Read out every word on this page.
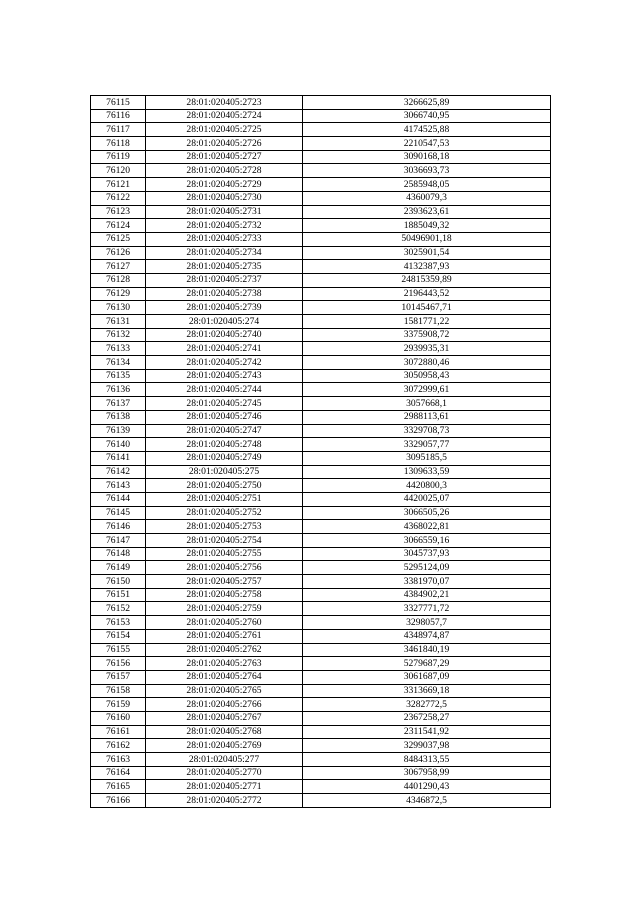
76115	28:01:020405:2723	3266625,89
76116	28:01:020405:2724	3066740,95
76117	28:01:020405:2725	4174525,88
76118	28:01:020405:2726	2210547,53
76119	28:01:020405:2727	3090168,18
76120	28:01:020405:2728	3036693,73
76121	28:01:020405:2729	2585948,05
76122	28:01:020405:2730	4360079,3
76123	28:01:020405:2731	2393623,61
76124	28:01:020405:2732	1885049,32
76125	28:01:020405:2733	50496901,18
76126	28:01:020405:2734	3025901,54
76127	28:01:020405:2735	4132387,93
76128	28:01:020405:2737	24815359,89
76129	28:01:020405:2738	2196443,52
76130	28:01:020405:2739	10145467,71
76131	28:01:020405:274	1581771,22
76132	28:01:020405:2740	3375908,72
76133	28:01:020405:2741	2939935,31
76134	28:01:020405:2742	3072880,46
76135	28:01:020405:2743	3050958,43
76136	28:01:020405:2744	3072999,61
76137	28:01:020405:2745	3057668,1
76138	28:01:020405:2746	2988113,61
76139	28:01:020405:2747	3329708,73
76140	28:01:020405:2748	3329057,77
76141	28:01:020405:2749	3095185,5
76142	28:01:020405:275	1309633,59
76143	28:01:020405:2750	4420800,3
76144	28:01:020405:2751	4420025,07
76145	28:01:020405:2752	3066505,26
76146	28:01:020405:2753	4368022,81
76147	28:01:020405:2754	3066559,16
76148	28:01:020405:2755	3045737,93
76149	28:01:020405:2756	5295124,09
76150	28:01:020405:2757	3381970,07
76151	28:01:020405:2758	4384902,21
76152	28:01:020405:2759	3327771,72
76153	28:01:020405:2760	3298057,7
76154	28:01:020405:2761	4348974,87
76155	28:01:020405:2762	3461840,19
76156	28:01:020405:2763	5279687,29
76157	28:01:020405:2764	3061687,09
76158	28:01:020405:2765	3313669,18
76159	28:01:020405:2766	3282772,5
76160	28:01:020405:2767	2367258,27
76161	28:01:020405:2768	2311541,92
76162	28:01:020405:2769	3299037,98
76163	28:01:020405:277	8484313,55
76164	28:01:020405:2770	3067958,99
76165	28:01:020405:2771	4401290,43
76166	28:01:020405:2772	4346872,5
